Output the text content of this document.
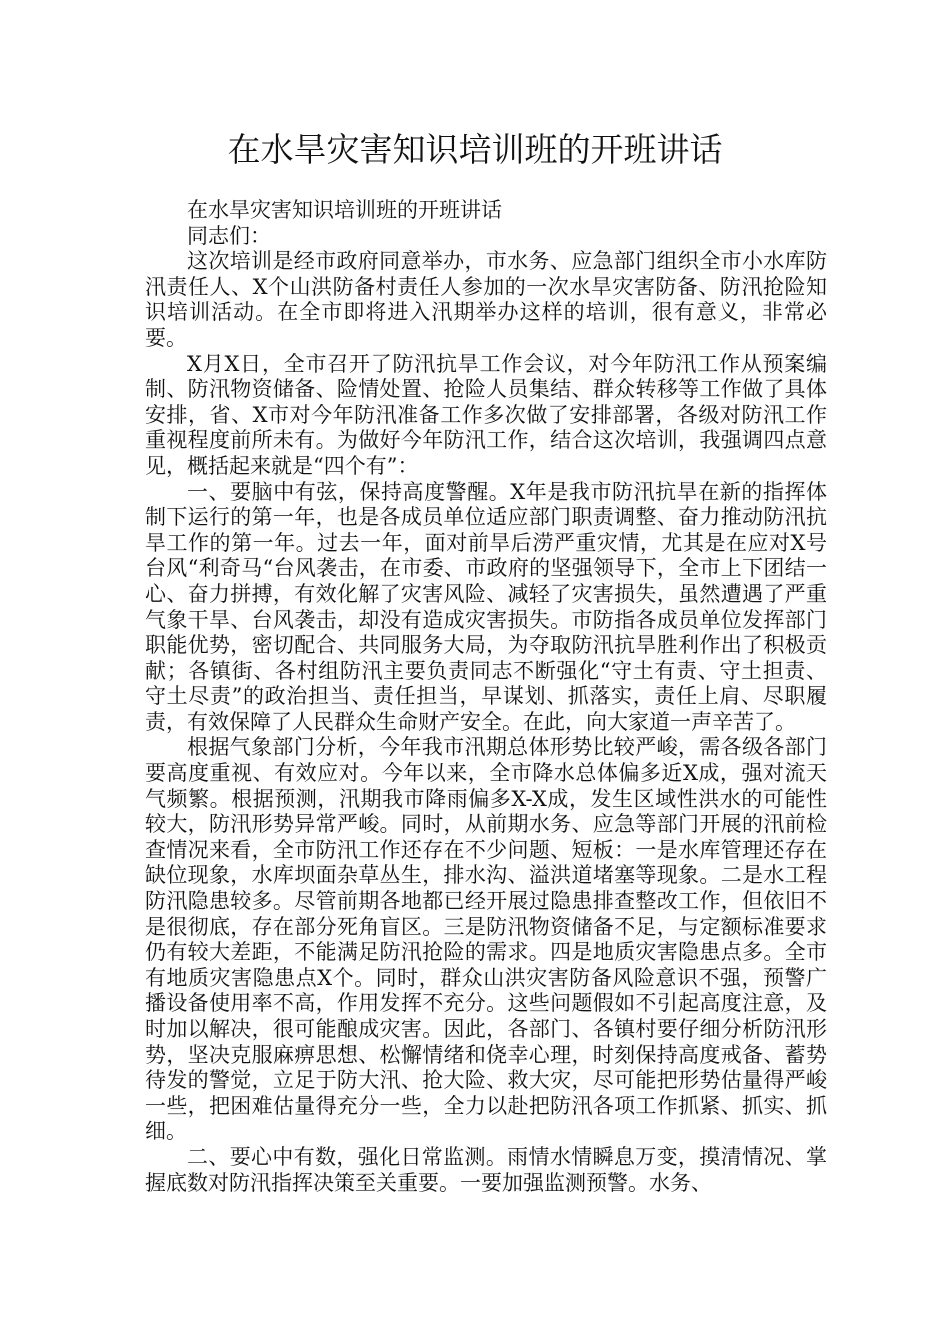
在水旱灾害知识培训班的开班讲话

在水旱灾害知识培训班的开班讲话

同志们：

这次培训是经市政府同意举办，市水务、应急部门组织全市小水库防汛责任人、X个山洪防备村责任人参加的一次水旱灾害防备、防汛抢险知识培训活动。在全市即将进入汛期举办这样的培训，很有意义，非常必要。

X月X日，全市召开了防汛抗旱工作会议，对今年防汛工作从预案编制、防汛物资储备、险情处置、抢险人员集结、群众转移等工作做了具体安排，省、X市对今年防汛准备工作多次做了安排部署，各级对防汛工作重视程度前所未有。为做好今年防汛工作，结合这次培训，我强调四点意见，概括起来就是“四个有”：

一、要脑中有弦，保持高度警醒。X年是我市防汛抗旱在新的指挥体制下运行的第一年，也是各成员单位适应部门职责调整、奋力推动防汛抗旱工作的第一年。过去一年，面对前旱后涝严重灾情，尤其是在应对X号台风“利奇马“台风袭击，在市委、市政府的坚强领导下，全市上下团结一心、奋力拼搏，有效化解了灾害风险、减轻了灾害损失，虽然遭遇了严重气象干旱、台风袭击，却没有造成灾害损失。市防指各成员单位发挥部门职能优势，密切配合、共同服务大局，为夺取防汛抗旱胜利作出了积极贡献；各镇街、各村组防汛主要负责同志不断强化“守土有责、守土担责、守土尽责”的政治担当、责任担当，早谋划、抓落实，责任上肩、尽职履责，有效保障了人民群众生命财产安全。在此，向大家道一声辛苦了。

根据气象部门分析，今年我市汛期总体形势比较严峻，需各级各部门要高度重视、有效应对。今年以来，全市降水总体偏多近X成，强对流天气频繁。根据预测，汛期我市降雨偏多X-X成，发生区域性洪水的可能性较大，防汛形势异常严峻。同时，从前期水务、应急等部门开展的汛前检查情况来看，全市防汛工作还存在不少问题、短板：一是水库管理还存在缺位现象，水库坝面杂草丛生，排水沟、溢洪道堵塞等现象。二是水工程防汛隐患较多。尽管前期各地都已经开展过隐患排查整改工作，但依旧不是很彻底，存在部分死角盲区。三是防汛物资储备不足，与定额标准要求仍有较大差距，不能满足防汛抢险的需求。四是地质灾害隐患点多。全市有地质灾害隐患点X个。同时，群众山洪灾害防备风险意识不强，预警广播设备使用率不高，作用发挥不充分。这些问题假如不引起高度注意，及时加以解决，很可能酿成灾害。因此，各部门、各镇村要仔细分析防汛形势，坚决克服麻痹思想、松懈情绪和侥幸心理，时刻保持高度戒备、蓄势待发的警觉，立足于防大汛、抢大险、救大灾，尽可能把形势估量得严峻一些，把困难估量得充分一些，全力以赴把防汛各项工作抓紧、抓实、抓细。

二、要心中有数，强化日常监测。雨情水情瞬息万变，摸清情况、掌握底数对防汛指挥决策至关重要。一要加强监测预警。水务、
